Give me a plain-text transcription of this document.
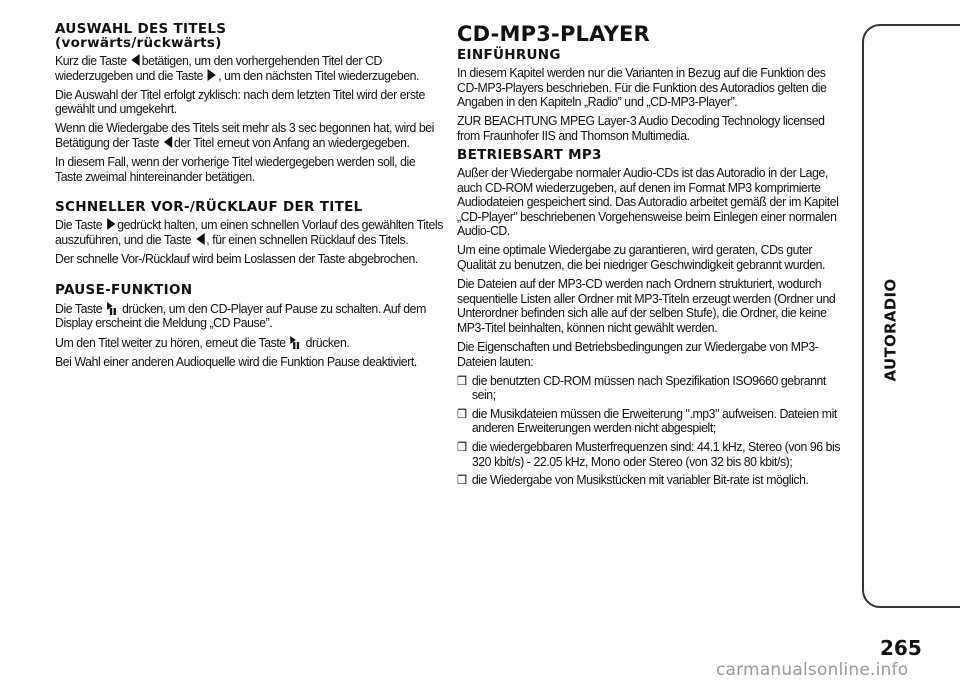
AUSWAHL DES TITELS
(vorwärts/rückwärts)

Kurz die Taste betätigen, um den vorhergehenden Titel der CD wiederzugeben und die Taste , um den nächsten Titel wiederzugeben.

Die Auswahl der Titel erfolgt zyklisch: nach dem letzten Titel wird der erste gewählt und umgekehrt.

Wenn die Wiedergabe des Titels seit mehr als 3 sec begonnen hat, wird bei Betätigung der Taste der Titel erneut von Anfang an wiedergegeben.

In diesem Fall, wenn der vorherige Titel wiedergegeben werden soll, die Taste zweimal hintereinander betätigen.

SCHNELLER VOR-/RÜCKLAUF DER TITEL

Die Taste gedrückt halten, um einen schnellen Vorlauf des gewählten Titels auszuführen, und die Taste , für einen schnellen Rücklauf des Titels.

Der schnelle Vor-/Rücklauf wird beim Loslassen der Taste abgebrochen.

PAUSE-FUNKTION

Die Taste drücken, um den CD-Player auf Pause zu schalten. Auf dem Display erscheint die Meldung „CD Pause”.

Um den Titel weiter zu hören, erneut die Taste drücken.

Bei Wahl einer anderen Audioquelle wird die Funktion Pause deaktiviert.

CD-MP3-PLAYER
EINFÜHRUNG

In diesem Kapitel werden nur die Varianten in Bezug auf die Funktion des CD-MP3-Players beschrieben. Für die Funktion des Autoradios gelten die Angaben in den Kapiteln „Radio” und „CD-MP3-Player”.

ZUR BEACHTUNG MPEG Layer-3 Audio Decoding Technology licensed from Fraunhofer IIS and Thomson Multimedia.

BETRIEBSART MP3

Außer der Wiedergabe normaler Audio-CDs ist das Autoradio in der Lage, auch CD-ROM wiederzugeben, auf denen im Format MP3 komprimierte Audiodateien gespeichert sind. Das Autoradio arbeitet gemäß der im Kapitel „CD-Player” beschriebenen Vorgehensweise beim Einlegen einer normalen Audio-CD.

Um eine optimale Wiedergabe zu garantieren, wird geraten, CDs guter Qualität zu benutzen, die bei niedriger Geschwindigkeit gebrannt wurden.

Die Dateien auf der MP3-CD werden nach Ordnern strukturiert, wodurch sequentielle Listen aller Ordner mit MP3-Titeln erzeugt werden (Ordner und Unterordner befinden sich alle auf der selben Stufe), die Ordner, die keine MP3-Titel beinhalten, können nicht gewählt werden.

Die Eigenschaften und Betriebsbedingungen zur Wiedergabe von MP3-Dateien lauten:

❒ die benutzten CD-ROM müssen nach Spezifikation ISO9660 gebrannt sein;
❒ die Musikdateien müssen die Erweiterung ".mp3" aufweisen. Dateien mit anderen Erweiterungen werden nicht abgespielt;
❒ die wiedergebbaren Musterfrequenzen sind: 44.1 kHz, Stereo (von 96 bis 320 kbit/s) - 22.05 kHz, Mono oder Stereo (von 32 bis 80 kbit/s);
❒ die Wiedergabe von Musikstücken mit variabler Bit-rate ist möglich.
AUTORADIO
265
carmanualsonline.info
